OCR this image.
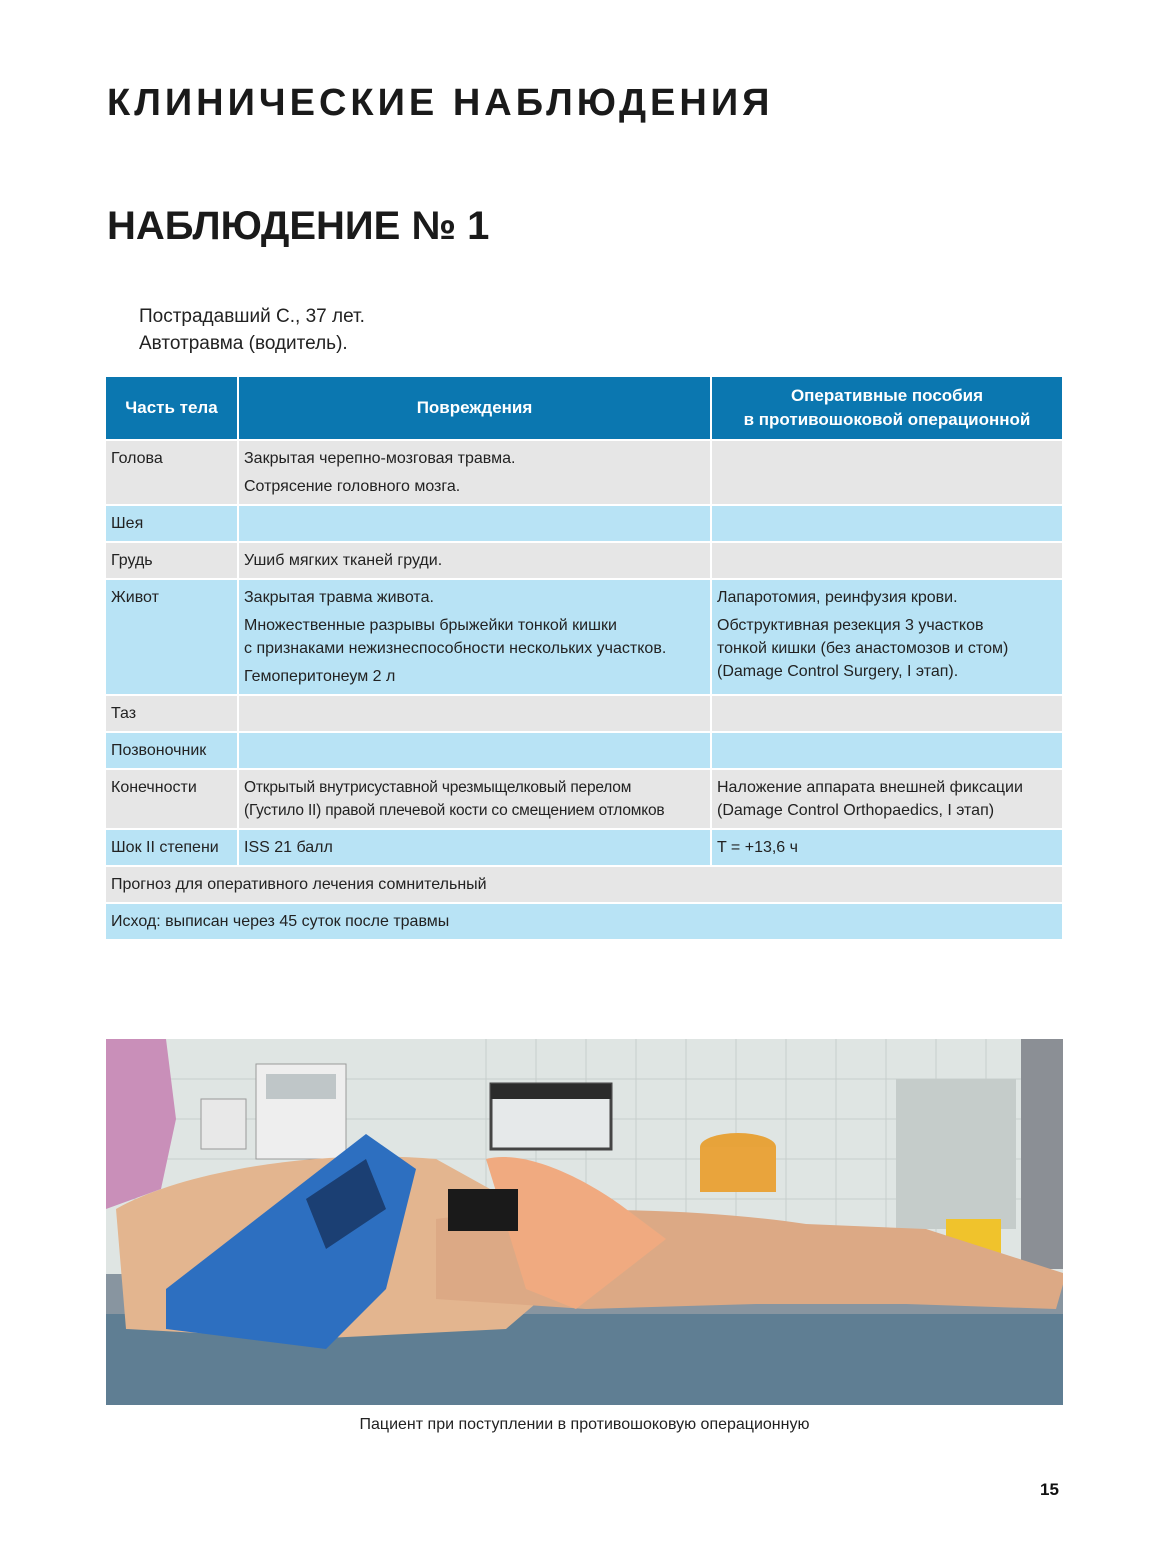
КЛИНИЧЕСКИЕ НАБЛЮДЕНИЯ
НАБЛЮДЕНИЕ № 1
Пострадавший С., 37 лет.
Автотравма (водитель).
Часть тела	Повреждения	Оперативные пособия
в противошоковой операционной

Голова	Закрытая черепно-мозговая травма.
Сотрясение головного мозга.	

Шея		
Грудь	Ушиб мягких тканей груди.	

Живот	Закрытая травма живота.
Множественные разрывы брыжейки тонкой кишки
с признаками нежизнеспособности нескольких участков.
Гемоперитонеум 2 л	Лапаротомия, реинфузия крови.
Обструктивная резекция 3 участков
тонкой кишки (без анастомозов и стом)
(Damage Control Surgery, I этап).

Таз		
Позвоночник		
Конечности	Открытый внутрисуставной чрезмыщелковый перелом
(Густило II) правой плечевой кости со смещением отломков	Наложение аппарата внешней фиксации
(Damage Control Orthopaedics, I этап)

Шок II степени	ISS 21 балл	T = +13,6 ч

Прогноз для оперативного лечения сомнительный		
Исход: выписан через 45 суток после травмы		
Пациент при поступлении в противошоковую операционную
15
